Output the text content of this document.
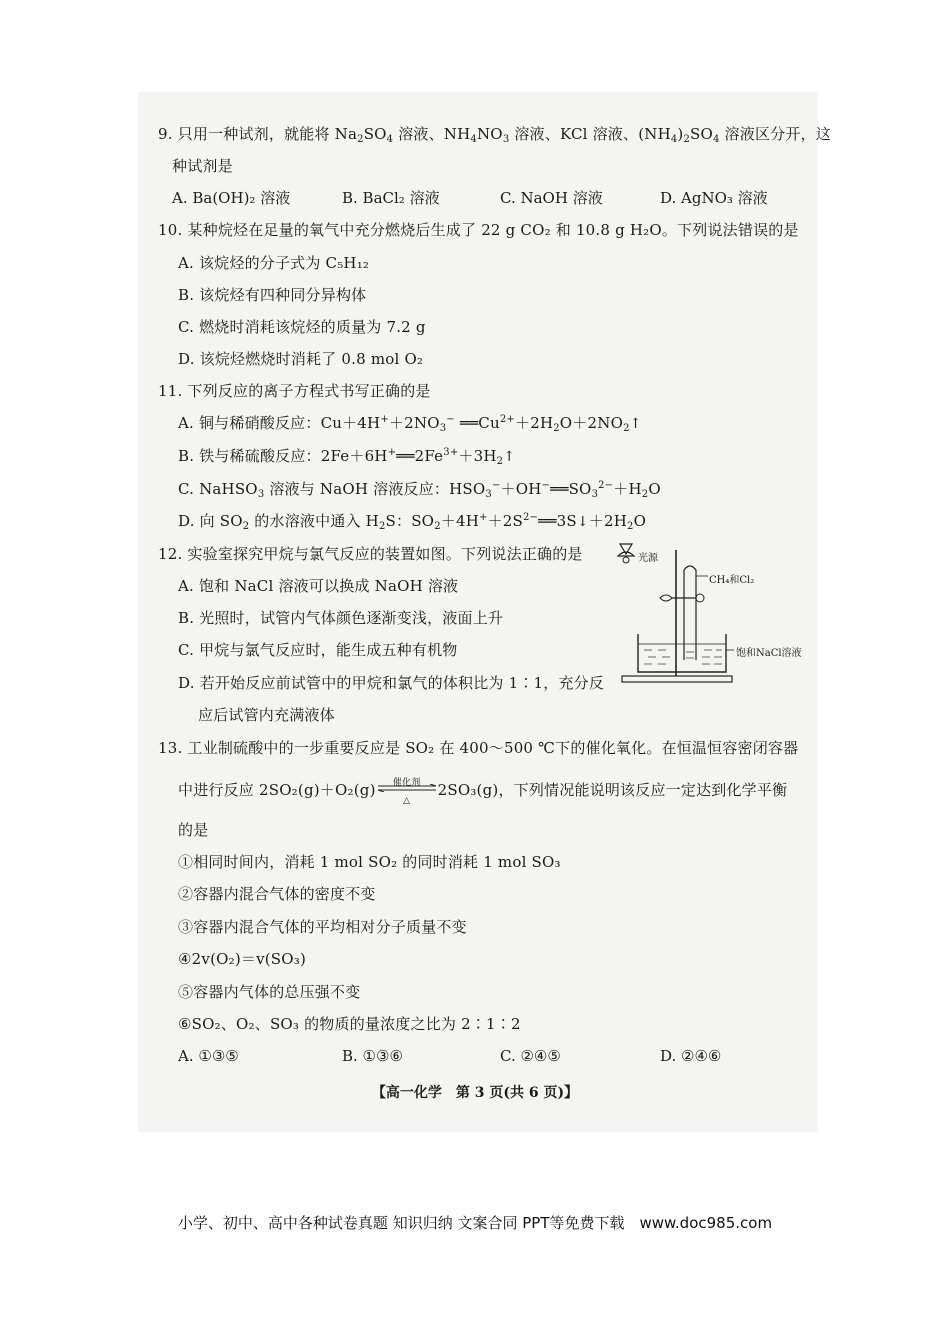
9. 只用一种试剂，就能将 $Na_2SO_4$ 溶液、$NH_4NO_3$ 溶液、KCl 溶液、$(NH_4)_2SO_4$ 溶液区分开，这
种试剂是
A. Ba(OH)₂ 溶液	B. BaCl₂ 溶液	C. NaOH 溶液	D. AgNO₃ 溶液
10. 某种烷烃在足量的氧气中充分燃烧后生成了 22 g CO₂ 和 10.8 g H₂O。下列说法错误的是
A. 该烷烃的分子式为 C₅H₁₂
B. 该烷烃有四种同分异构体
C. 燃烧时消耗该烷烃的质量为 7.2 g
D. 该烷烃燃烧时消耗了 0.8 mol O₂
11. 下列反应的离子方程式书写正确的是
A. 铜与稀硝酸反应：$Cu+4H^++2NO_3^-$ $══Cu^{2+}+2H_2O+2NO_2↑$
B. 铁与稀硫酸反应：$2Fe+6H^+══2Fe^{3+}+3H_2↑$
C. NaHSO$_3$ 溶液与 NaOH 溶液反应：$HSO_3^-+OH^-══SO_3^{2-}+H_2O$
D. 向 $SO_2$ 的水溶液中通入 $H_2S$：$SO_2+4H^++2S^{2-}══3S↓+2H_2O$
12. 实验室探究甲烷与氯气反应的装置如图。下列说法正确的是
A. 饱和 NaCl 溶液可以换成 NaOH 溶液
B. 光照时，试管内气体颜色逐渐变浅，液面上升
C. 甲烷与氯气反应时，能生成五种有机物
D. 若开始反应前试管中的甲烷和氯气的体积比为 1∶1，充分反
应后试管内充满液体
光源
CH₄和Cl₂
饱和NaCl溶液
13. 工业制硫酸中的一步重要反应是 SO₂ 在 400～500 ℃下的催化氧化。在恒温恒容密闭容器
中进行反应 2SO₂(g)＋O₂(g)	催化剂
△
2SO₃(g)，下列情况能说明该反应一定达到化学平衡
的是
①相同时间内，消耗 1 mol SO₂ 的同时消耗 1 mol SO₃
②容器内混合气体的密度不变
③容器内混合气体的平均相对分子质量不变
④2v(O₂)＝v(SO₃)
⑤容器内气体的总压强不变
⑥SO₂、O₂、SO₃ 的物质的量浓度之比为 2∶1∶2
A. ①③⑤	B. ①③⑥	C. ②④⑤	D. ②④⑥
【高一化学　第 3 页(共 6 页)】
小学、初中、高中各种试卷真题 知识归纳 文案合同 PPT等免费下载　www.doc985.com
